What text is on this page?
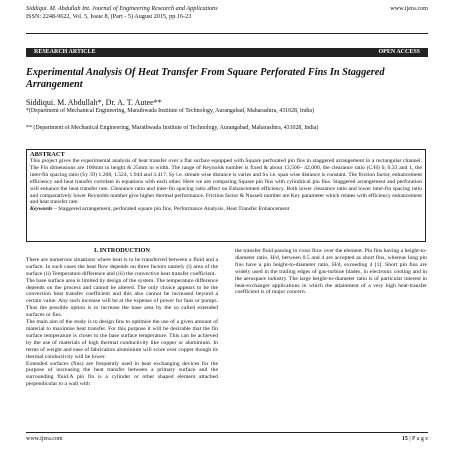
Siddiqui. M. Abdullah Int. Journal of Engineering Research and Applications
ISSN: 2248-9622, Vol. 5, Issue 8, (Part - 5) August 2015, pp.16-23
www.ijera.com
RESEARCH ARTICLE	OPEN ACCESS
Experimental Analysis Of Heat Transfer From Square Perforated Fins In Staggered Arrangement
Siddiqui. M. Abdullah*, Dr. A. T. Autee**
*(Department of Mechanical Engineering, Marathwada Institute of Technology, Aurangabad, Maharashtra, 431028, India)
** (Department of Mechanical Engineering, Marathwada Institute of Technology, Aurangabad, Maharashtra, 431028, India)
ABSTRACT
This project gives the experimental analysis of heat transfer over a flat surface equipped with Square perforated pin fins in staggered arrangement in a rectangular channel. The Fin dimensions are 100mm in height & 25mm in width. The range of Reynolds number is fixed & about 13,500– 42,000, the clearance ratio (C/H) 0, 0.33 and 1, the inter-fin spacing ratio (Sy /D) 1.208, 1.524, 1.944 and 3.417. Sy i.e. stream wise distance is varies and Sx i.e. span wise distance is constant. The friction factor, enhancement efficiency and heat transfer correlate in equations with each other. Here we are comparing Square pin fins with cylindrical pin fins. Staggered arrangement and perforation will enhance the heat transfer rate. Clearance ratio and inter-fin spacing ratio affect on Enhancement efficiency. Both lower clearance ratio and lower inter-fin spacing ratio and comparatively lower Reynolds number give higher thermal performance. Friction factor & Nusselt number are Key parameter which relates with efficiency enhancement and heat transfer rate.
Keywords – Staggered arrangement, perforated square pin fins, Performance Analysis, Heat Transfer Enhancement
I. INTRODUCTION

There are numerous situations where heat is to be transferred between a fluid and a surface. In such cases the heat flow depends on three factors namely (i) area of the surface (ii) Temperature difference and (iii) the convective heat transfer coefficient.

The base surface area is limited by design of the system. The temperature difference depends on the process and cannot be altered. The only choice appears to be the convection heat transfer coefficient and this also cannot be increased beyond a certain value. Any such increase will be at the expense of power for fans or pumps. Thus the possible option is to increase the base area by the so called extended surfaces or fins.

The main aim of the study is to design fins to optimise the use of a given amount of material to maximise heat transfer. For this purpose it will be desirable that the fin surface temperature is closer to the base surface temperature. This can be achieved by the use of materials of high thermal conductivity like copper or aluminium. In terms of weight and ease of fabrication aluminium will score over copper though its thermal conductivity will be lower.

Extended surfaces (fins) are frequently used in heat exchanging devices for the purpose of increasing the heat transfer between a primary surface and the surrounding fluid.A pin fin is a cylinder or other shaped element attached perpendicular to a wall with

the transfer fluid passing in cross flow over the element. Pin fins having a height-to-diameter ratio, H/d, between 0.5 and 4 are accepted as short fins, whereas long pin fins have a pin height-to-diameter ratio, H/d, exceeding 4 [1]. Short pin fins are widely used in the trailing edges of gas-turbine blades, in electronic cooling and in the aerospace industry. The large height-to-diameter ratio is of particular interest in heat-exchanger applications in which the attainment of a very high heat-transfer coefficient is of major concern.

www.ijera.com	15 | P a g e
